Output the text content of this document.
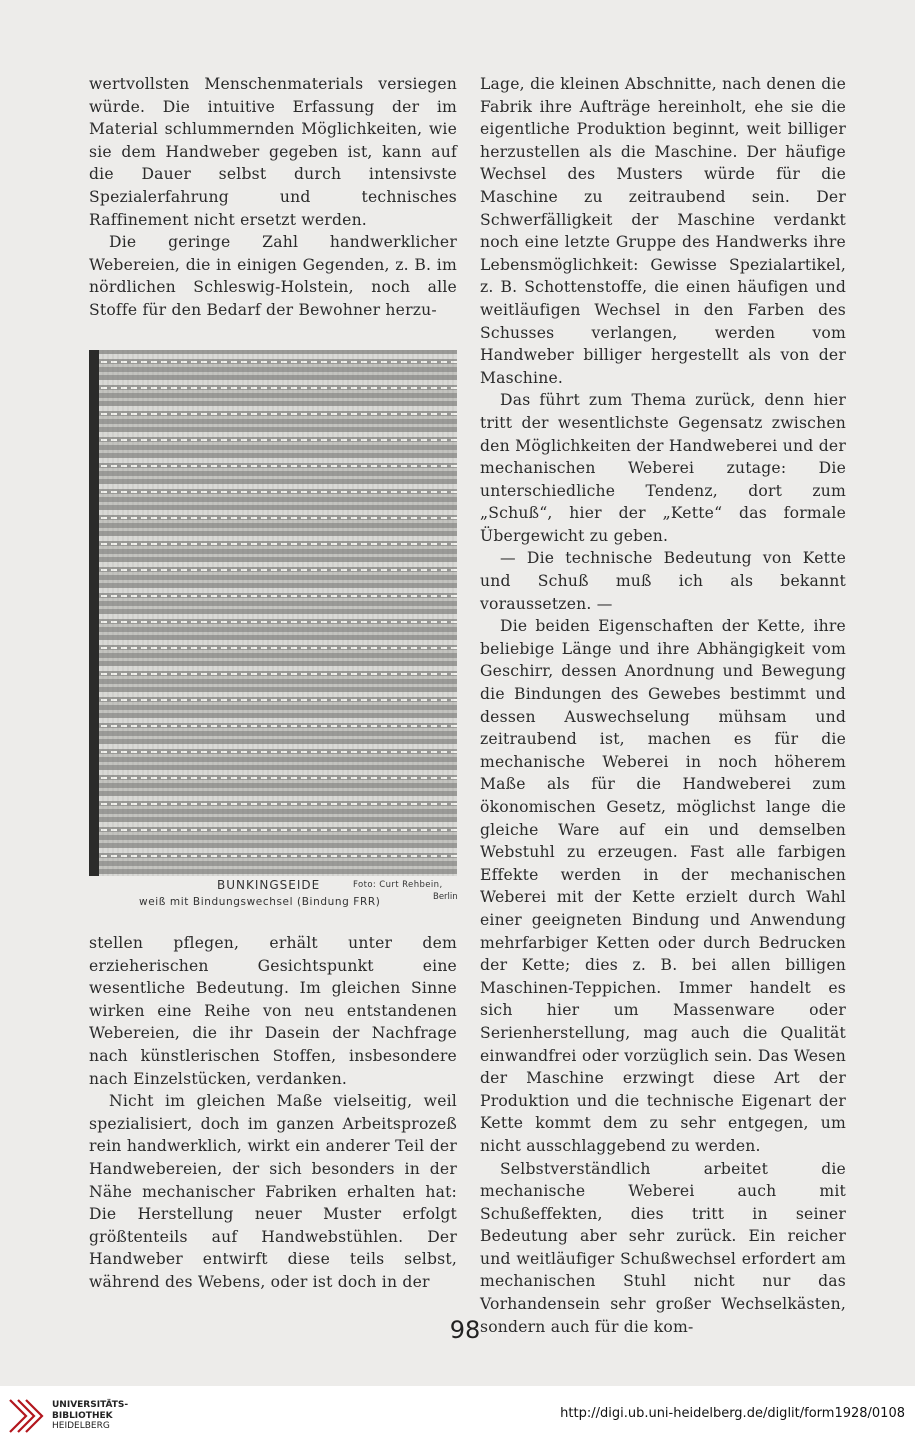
wertvollsten Menschenmaterials versiegen würde. Die intuitive Erfassung der im Material schlummernden Möglichkeiten, wie sie dem Handweber gegeben ist, kann auf die Dauer selbst durch intensivste Spezialerfahrung und technisches Raffinement nicht ersetzt werden.

Die geringe Zahl handwerklicher Webereien, die in einigen Gegenden, z. B. im nördlichen Schleswig-Holstein, noch alle Stoffe für den Bedarf der Bewohner herzu-

BUNKINGSEIDE	Foto: Curt Rehbein,
Berlin
weiß mit Bindungswechsel (Bindung FRR)

stellen pflegen, erhält unter dem erzieherischen Gesichtspunkt eine wesentliche Bedeutung. Im gleichen Sinne wirken eine Reihe von neu entstandenen Webereien, die ihr Dasein der Nachfrage nach künstlerischen Stoffen, insbesondere nach Einzelstücken, verdanken.

Nicht im gleichen Maße vielseitig, weil spezialisiert, doch im ganzen Arbeitsprozeß rein handwerklich, wirkt ein anderer Teil der Handwebereien, der sich besonders in der Nähe mechanischer Fabriken erhalten hat: Die Herstellung neuer Muster erfolgt größtenteils auf Handwebstühlen. Der Handweber entwirft diese teils selbst, während des Webens, oder ist doch in der

Lage, die kleinen Abschnitte, nach denen die Fabrik ihre Aufträge hereinholt, ehe sie die eigentliche Produktion beginnt, weit billiger herzustellen als die Maschine. Der häufige Wechsel des Musters würde für die Maschine zu zeitraubend sein. Der Schwerfälligkeit der Maschine verdankt noch eine letzte Gruppe des Handwerks ihre Lebensmöglichkeit: Gewisse Spezialartikel, z. B. Schottenstoffe, die einen häufigen und weitläufigen Wechsel in den Farben des Schusses verlangen, werden vom Handweber billiger hergestellt als von der Maschine.

Das führt zum Thema zurück, denn hier tritt der wesentlichste Gegensatz zwischen den Möglichkeiten der Handweberei und der mechanischen Weberei zutage: Die unterschiedliche Tendenz, dort zum „Schuß“, hier der „Kette“ das formale Übergewicht zu geben.

— Die technische Bedeutung von Kette und Schuß muß ich als bekannt voraussetzen. —

Die beiden Eigenschaften der Kette, ihre beliebige Länge und ihre Abhängigkeit vom Geschirr, dessen Anordnung und Bewegung die Bindungen des Gewebes bestimmt und dessen Auswechselung mühsam und zeitraubend ist, machen es für die mechanische Weberei in noch höherem Maße als für die Handweberei zum ökonomischen Gesetz, möglichst lange die gleiche Ware auf ein und demselben Webstuhl zu erzeugen. Fast alle farbigen Effekte werden in der mechanischen Weberei mit der Kette erzielt durch Wahl einer geeigneten Bindung und Anwendung mehrfarbiger Ketten oder durch Bedrucken der Kette; dies z. B. bei allen billigen Maschinen-Teppichen. Immer handelt es sich hier um Massenware oder Serienherstellung, mag auch die Qualität einwandfrei oder vorzüglich sein. Das Wesen der Maschine erzwingt diese Art der Produktion und die technische Eigenart der Kette kommt dem zu sehr entgegen, um nicht ausschlaggebend zu werden.

Selbstverständlich arbeitet die mechanische Weberei auch mit Schußeffekten, dies tritt in seiner Bedeutung aber sehr zurück. Ein reicher und weitläufiger Schußwechsel erfordert am mechanischen Stuhl nicht nur das Vorhandensein sehr großer Wechselkästen, sondern auch für die kom-

98
UNIVERSITÄTS-
BIBLIOTHEK
HEIDELBERG
http://digi.ub.uni-heidelberg.de/diglit/form1928/0108
